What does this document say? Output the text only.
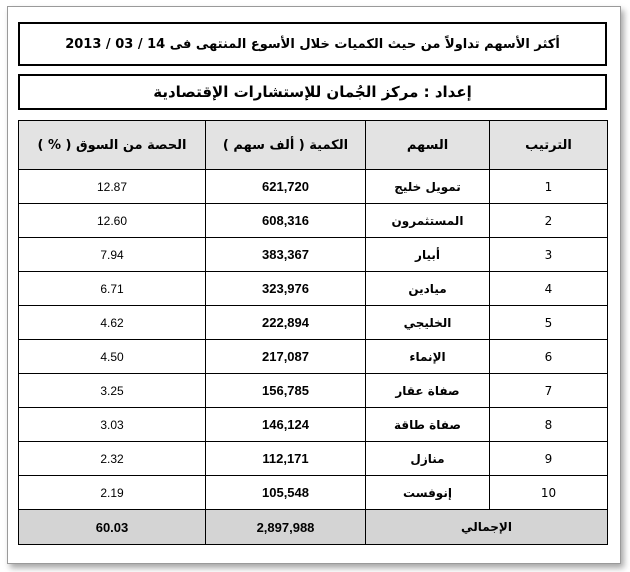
أكثر الأسهم تداولاً من حيث الكميات خلال الأسوع المنتهى فى 14 / 03 / 2013
إعداد : مركز الجُمان للإستشارات الإقتصادية
الترتيب	السهم	الكمية ( ألف سهم )	الحصة من السوق ( % )
1	تمويل خليج	621,720	12.87
2	المستثمرون	608,316	12.60
3	أبيار	383,367	7.94
4	ميادين	323,976	6.71
5	الخليجي	222,894	4.62
6	الإنماء	217,087	4.50
7	صفاة عقار	156,785	3.25
8	صفاة طاقة	146,124	3.03
9	منازل	112,171	2.32
10	إنوفست	105,548	2.19
الإجمالي		2,897,988	60.03
